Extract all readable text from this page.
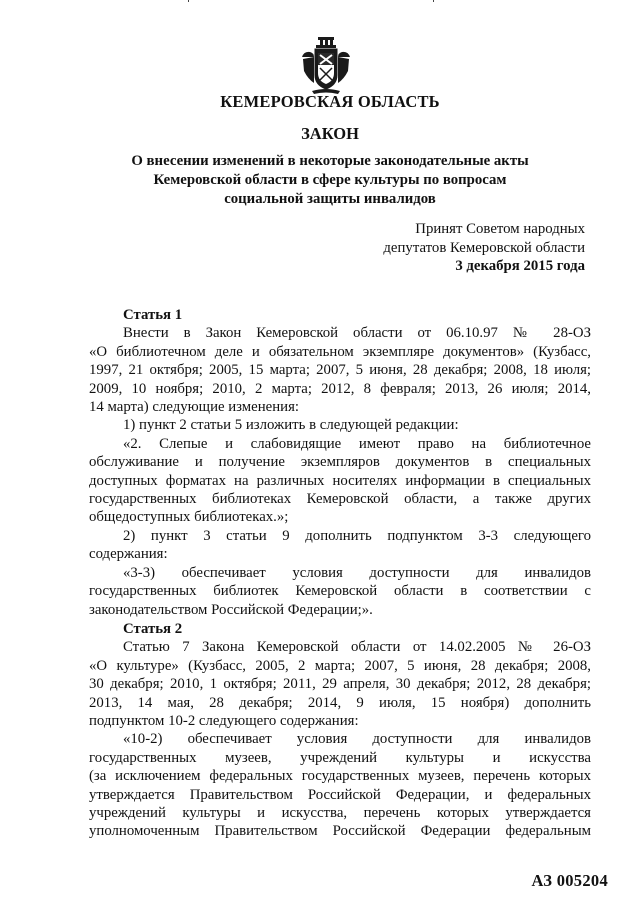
КЕМЕРОВСКАЯ ОБЛАСТЬ
ЗАКОН
О внесении изменений в некоторые законодательные акты
Кемеровской области в сфере культуры по вопросам
социальной защиты инвалидов
Принят Советом народных
депутатов Кемеровской области
3 декабря 2015 года

Статья 1

Внести в Закон Кемеровской области от 06.10.97 № 28-ОЗ

«О библиотечном деле и обязательном экземпляре документов» (Кузбасс,

1997, 21 октября; 2005, 15 марта; 2007, 5 июня, 28 декабря; 2008, 18 июля;

2009, 10 ноября; 2010, 2 марта; 2012, 8 февраля; 2013, 26 июля; 2014,

14 марта) следующие изменения:

1) пункт 2 статьи 5 изложить в следующей редакции:

«2. Слепые и слабовидящие имеют право на библиотечное

обслуживание и получение экземпляров документов в специальных

доступных форматах на различных носителях информации в специальных

государственных библиотеках Кемеровской области, а также других

общедоступных библиотеках.»;

2) пункт 3 статьи 9 дополнить подпунктом 3-3 следующего

содержания:

«3-3) обеспечивает условия доступности для инвалидов

государственных библиотек Кемеровской области в соответствии с

законодательством Российской Федерации;».

Статья 2

Статью 7 Закона Кемеровской области от 14.02.2005 № 26-ОЗ

«О культуре» (Кузбасс, 2005, 2 марта; 2007, 5 июня, 28 декабря; 2008,

30 декабря; 2010, 1 октября; 2011, 29 апреля, 30 декабря; 2012, 28 декабря;

2013, 14 мая, 28 декабря; 2014, 9 июля, 15 ноября) дополнить

подпунктом 10-2 следующего содержания:

«10-2) обеспечивает условия доступности для инвалидов

государственных музеев, учреждений культуры и искусства

(за исключением федеральных государственных музеев, перечень которых

утверждается Правительством Российской Федерации, и федеральных

учреждений культуры и искусства, перечень которых утверждается

уполномоченным Правительством Российской Федерации федеральным

АЗ 005204
